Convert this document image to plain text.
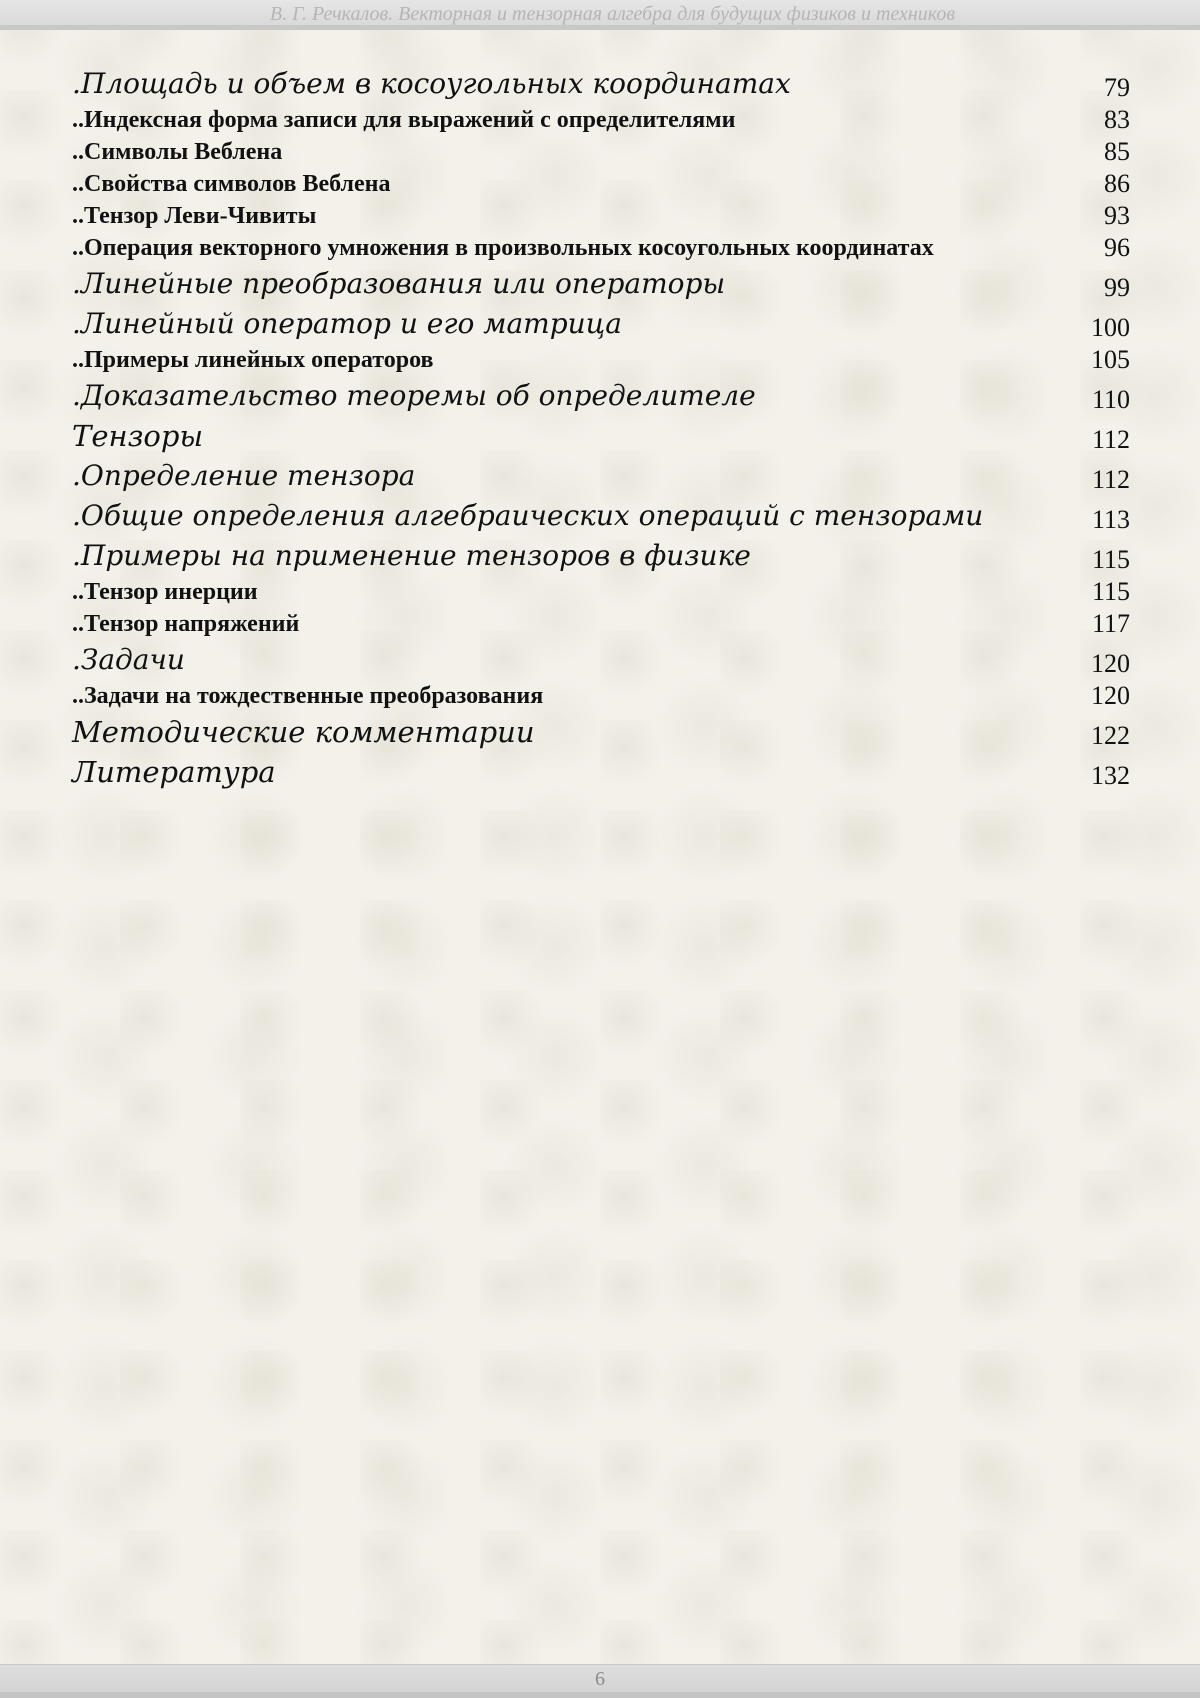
В. Г. Речкалов. Векторная и тензорная алгебра для будущих физиков и техников
.Площадь и объем в косоугольных координатах	79
..Индексная форма записи для выражений с определителями	83
..Символы Веблена	85
..Свойства символов Веблена	86
..Тензор Леви-Чивиты	93
..Операция векторного умножения в произвольных косоугольных координатах	96
.Линейные преобразования или операторы	99
.Линейный оператор и его матрица	100
..Примеры линейных операторов	105
.Доказательство теоремы об определителе	110
Тензоры	112
.Определение тензора	112
.Общие определения алгебраических операций с тензорами	113
.Примеры на применение тензоров в физике	115
..Тензор инерции	115
..Тензор напряжений	117
.Задачи	120
..Задачи на тождественные преобразования	120
Методические комментарии	122
Литература	132
6
